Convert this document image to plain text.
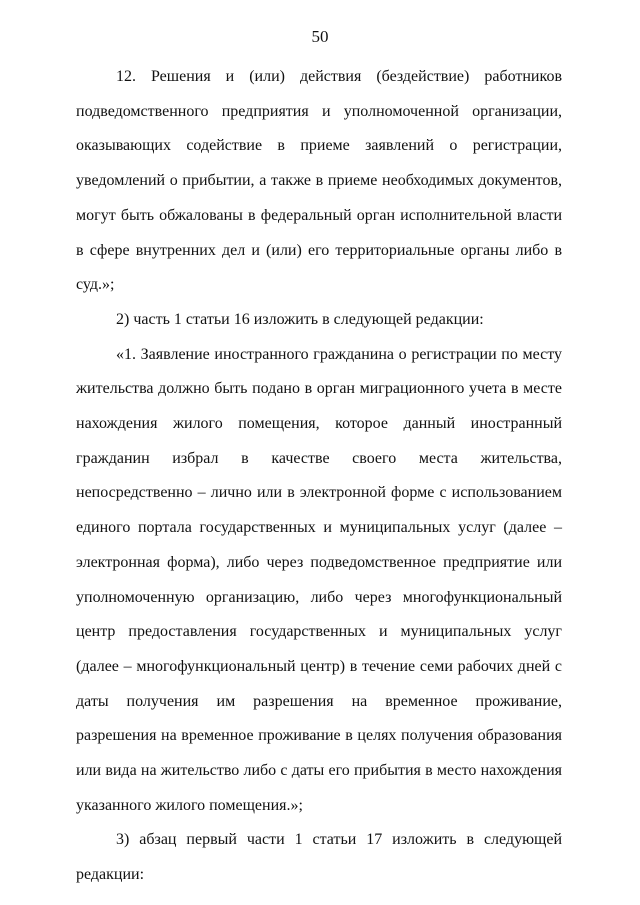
50

12. Решения и (или) действия (бездействие) работников подведомственного предприятия и уполномоченной организации, оказывающих содействие в приеме заявлений о регистрации, уведомлений о прибытии, а также в приеме необходимых документов, могут быть обжалованы в федеральный орган исполнительной власти в сфере внутренних дел и (или) его территориальные органы либо в суд.»;

2) часть 1 статьи 16 изложить в следующей редакции:

«1. Заявление иностранного гражданина о регистрации по месту жительства должно быть подано в орган миграционного учета в месте нахождения жилого помещения, которое данный иностранный гражданин избрал в качестве своего места жительства, непосредственно – лично или в электронной форме с использованием единого портала государственных и муниципальных услуг (далее – электронная форма), либо через подведомственное предприятие или уполномоченную организацию, либо через многофункциональный центр предоставления государственных и муниципальных услуг (далее – многофункциональный центр) в течение семи рабочих дней с даты получения им разрешения на временное проживание, разрешения на временное проживание в целях получения образования или вида на жительство либо с даты его прибытия в место нахождения указанного жилого помещения.»;

3) абзац первый части 1 статьи 17 изложить в следующей редакции:
